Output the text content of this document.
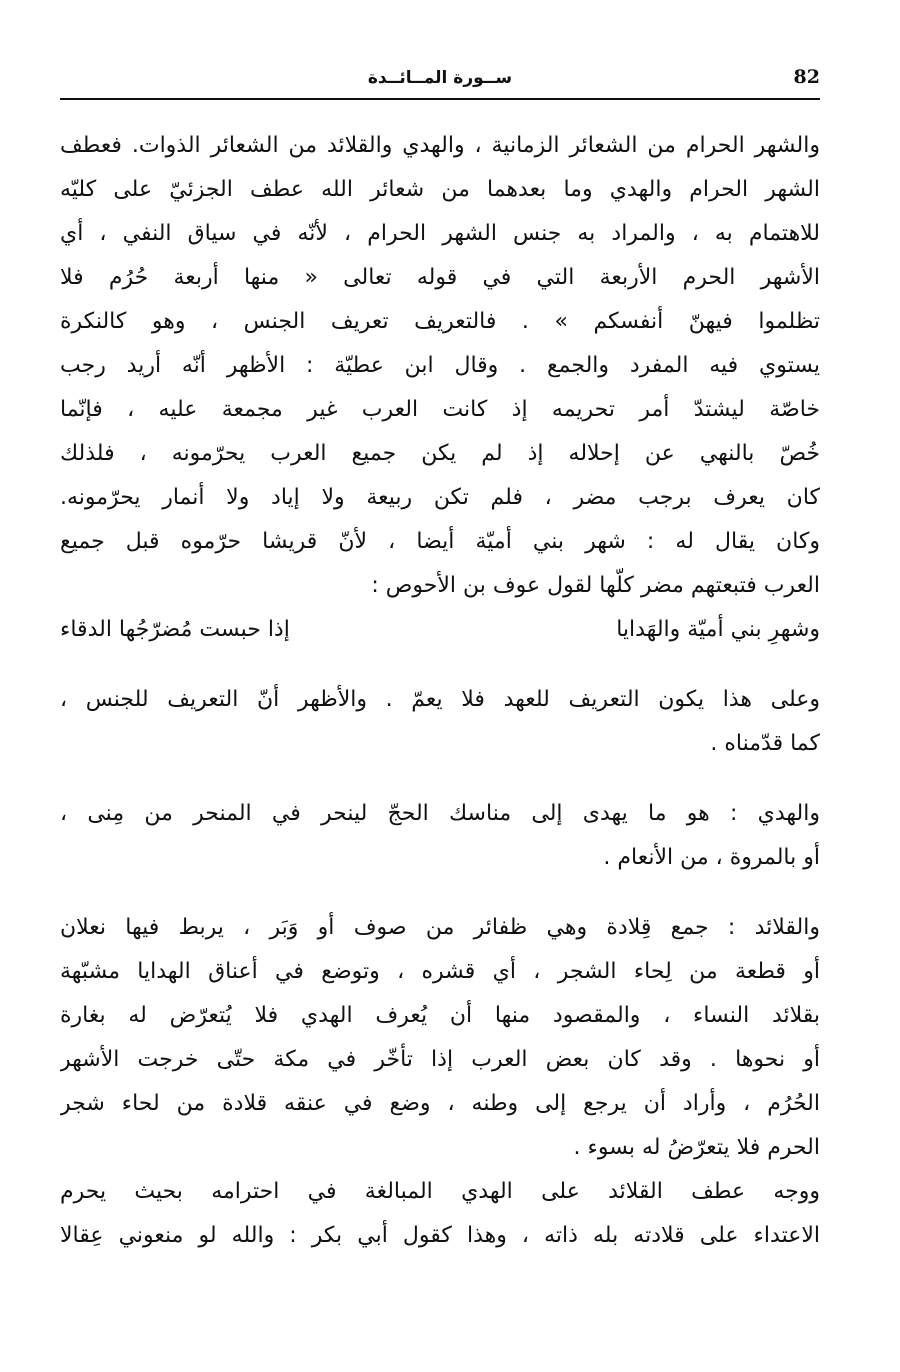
ســورة المــائــدة	82
والشهر الحرام من الشعائر الزمانية ، والهدي والقلائد من الشعائر الذوات. فعطف
الشهر الحرام والهدي وما بعدهما من شعائر الله عطف الجزئيّ على كليّه
للاهتمام به ، والمراد به جنس الشهر الحرام ، لأنّه في سياق النفي ، أي
الأشهر الحرم الأربعة التي في قوله تعالى « منها أربعة حُرُم فلا
تظلموا فيهنّ أنفسكم » . فالتعريف تعريف الجنس ، وهو كالنكرة
يستوي فيه المفرد والجمع . وقال ابن عطيّة : الأظهر أنّه أريد رجب
خاصّة ليشتدّ أمر تحريمه إذ كانت العرب غير مجمعة عليه ، فإنّما
خُصّ بالنهي عن إحلاله إذ لم يكن جميع العرب يحرّمونه ، فلذلك
كان يعرف برجب مضر ، فلم تكن ربيعة ولا إياد ولا أنمار يحرّمونه.
وكان يقال له : شهر بني أميّة أيضا ، لأنّ قريشا حرّموه قبل جميع
العرب فتبعتهم مضر كلّها لقول عوف بن الأحوص :
وشهرِ بني أميّة والهَدايا
إذا حبست مُضرّجُها الدقاء
وعلى هذا يكون التعريف للعهد فلا يعمّ . والأظهر أنّ التعريف للجنس ،
كما قدّمناه .
والهدي : هو ما يهدى إلى مناسك الحجّ لينحر في المنحر من مِنى ،
أو بالمروة ، من الأنعام .
والقلائد : جمع قِلادة وهي ظفائر من صوف أو وَبَر ، يربط فيها نعلان
أو قطعة من لِحاء الشجر ، أي قشره ، وتوضع في أعناق الهدايا مشبّهة
بقلائد النساء ، والمقصود منها أن يُعرف الهدي فلا يُتعرّض له بغارة
أو نحوها . وقد كان بعض العرب إذا تأخّر في مكة حتّى خرجت الأشهر
الحُرُم ، وأراد أن يرجع إلى وطنه ، وضع في عنقه قلادة من لحاء شجر
الحرم فلا يتعرّضُ له بسوء .
ووجه عطف القلائد على الهدي المبالغة في احترامه بحيث يحرم
الاعتداء على قلادته بله ذاته ، وهذا كقول أبي بكر : والله لو منعوني عِقالا
